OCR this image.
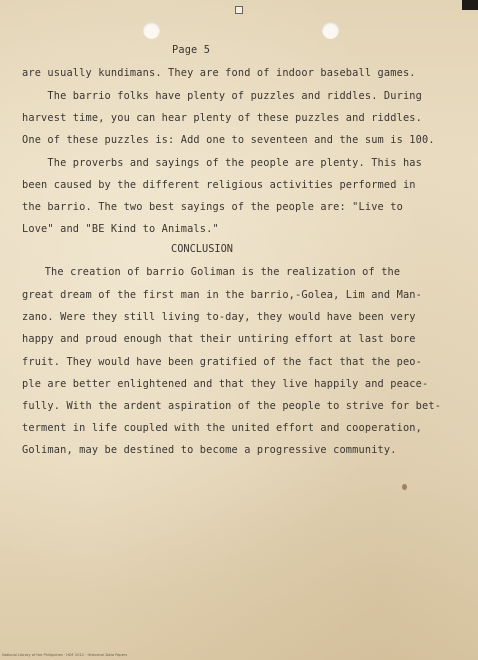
Page 5
are usually kundimans. They are fond of indoor baseball games.
The barrio folks have plenty of puzzles and riddles. During
harvest time, you can hear plenty of these puzzles and riddles.
One of these puzzles is: Add one to seventeen and the sum is 100.
The proverbs and sayings of the people are plenty. This has
been caused by the different religious activities performed in
the barrio. The two best sayings of the people are: "Live to
Love" and "BE Kind to Animals."
CONCLUSION
The creation of barrio Goliman is the realization of the
great dream of the first man in the barrio,-Golea, Lim and Man-
zano. Were they still living to-day, they would have been very
happy and proud enough that their untiring effort at last bore
fruit. They would have been gratified of the fact that the peo-
ple are better enlightened and that they live happily and peace-
fully. With the ardent aspiration of the people to strive for bet-
terment in life coupled with the united effort and cooperation,
Goliman, may be destined to become a progressive community.
National Library of the Philippines · HDF 2012 · Historical Data Papers
